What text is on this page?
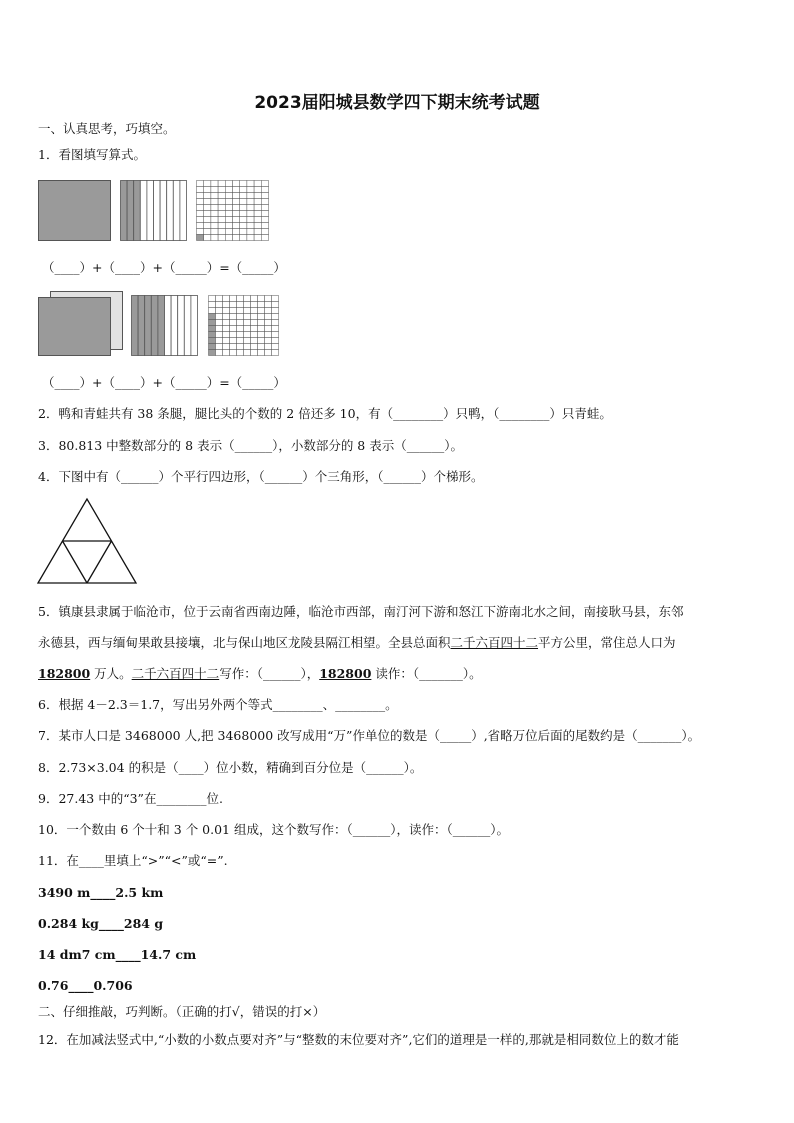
2023届阳城县数学四下期末统考试题
一、认真思考，巧填空。
1．看图填写算式。
（____）+（____）+（_____）=（_____）
（____）+（____）+（_____）=（_____）
2．鸭和青蛙共有 38 条腿，腿比头的个数的 2 倍还多 10，有（________）只鸭，（________）只青蛙。
3．80.813 中整数部分的 8 表示（______），小数部分的 8 表示（______）。
4．下图中有（______）个平行四边形，（______）个三角形，（______）个梯形。
5．镇康县隶属于临沧市，位于云南省西南边陲，临沧市西部，南汀河下游和怒江下游南北水之间，南接耿马县，东邻
永德县，西与缅甸果敢县接壤，北与保山地区龙陵县隔江相望。全县总面积二千六百四十二平方公里，常住总人口为
182800 万人。二千六百四十二写作：（______），182800 读作：（_______）。
6．根据 4－2.3＝1.7，写出另外两个等式________、________。
7．某市人口是 3468000 人,把 3468000 改写成用“万”作单位的数是（_____）,省略万位后面的尾数约是（_______）。
8．2.73×3.04 的积是（____）位小数，精确到百分位是（______）。
9．27.43 中的“3”在________位.
10．一个数由 6 个十和 3 个 0.01 组成，这个数写作：（______），读作：（______）。
11．在____里填上“>”“<”或“=”.
3490 m____2.5 km
0.284 kg____284 g
14 dm7 cm____14.7 cm
0.76____0.706
二、仔细推敲，巧判断。（正确的打√，错误的打×）
12．在加减法竖式中,“小数的小数点要对齐”与“整数的末位要对齐”,它们的道理是一样的,那就是相同数位上的数才能
